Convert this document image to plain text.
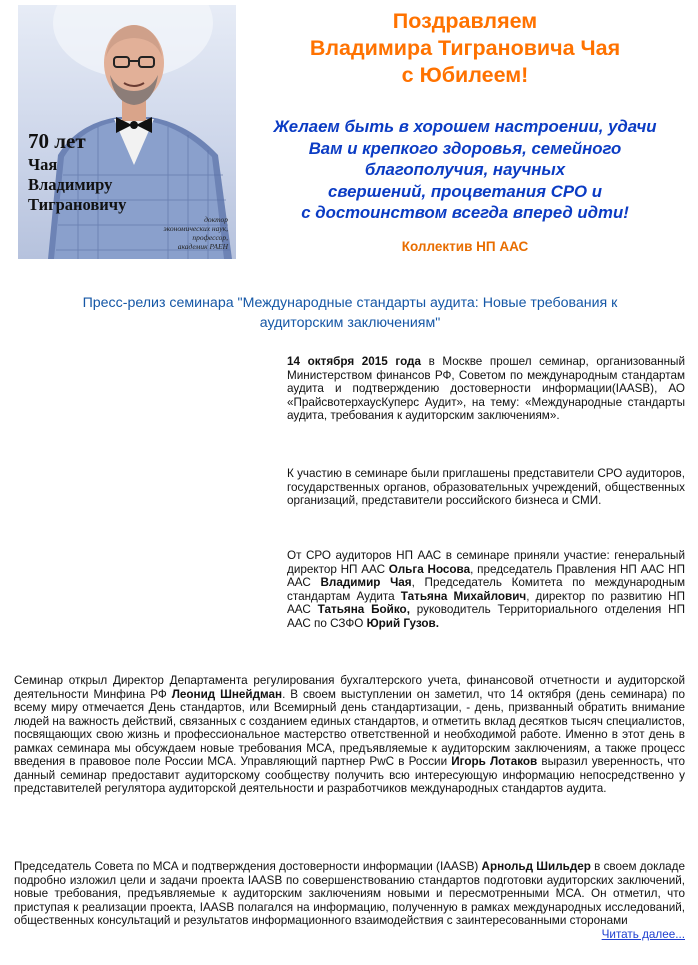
70 лет
Чая
Владимиру
Тиграновичу
доктор
экономических наук,
профессор,
академик РАЕН
Поздравляем
Владимира Тиграновича Чая
с Юбилеем!
Желаем быть в хорошем настроении, удачи
Вам и крепкого здоровья, семейного
благополучия, научных
свершений, процветания СРО и
с достоинством всегда вперед идти!
Коллектив НП ААС
Пресс-релиз семинара "Международные стандарты аудита: Новые требования к
аудиторским заключениям"
14 октября 2015 года в Москве прошел семинар, организованный Министерством финансов РФ, Советом по международным стандартам аудита и подтверждению достоверности информации(IAASB), АО «ПрайсвотерхаусКуперс Аудит», на тему: «Международные стандарты аудита, требования к аудиторским заключениям».
К участию в семинаре были приглашены представители СРО аудиторов, государственных органов, образовательных учреждений, общественных организаций, представители российского бизнеса и СМИ.
От СРО аудиторов НП ААС в семинаре приняли участие: генеральный директор НП ААС Ольга Носова, председатель Правления НП ААС НП ААС Владимир Чая, Председатель Комитета по международным стандартам Аудита Татьяна Михайлович, директор по развитию НП ААС Татьяна Бойко, руководитель Территориального отделения НП ААС по СЗФО Юрий Гузов.
Семинар открыл Директор Департамента регулирования бухгалтерского учета, финансовой отчетности и аудиторской деятельности Минфина РФ Леонид Шнейдман. В своем выступлении он заметил, что 14 октября (день семинара) по всему миру отмечается День стандартов, или Всемирный день стандартизации, - день, призванный обратить внимание людей на важность действий, связанных с созданием единых стандартов, и отметить вклад десятков тысяч специалистов, посвящающих свою жизнь и профессиональное мастерство ответственной и необходимой работе. Именно в этот день в рамках семинара мы обсуждаем новые требования МСА, предъявляемые к аудиторским заключениям, а также процесс введения в правовое поле России МСА. Управляющий партнер PwC в России Игорь Лотаков выразил уверенность, что данный семинар предоставит аудиторскому сообществу получить всю интересующую информацию непосредственно у представителей регулятора аудиторской деятельности и разработчиков международных стандартов аудита.
Председатель Совета по МСА и подтверждения достоверности информации (IAASB) Арнольд Шильдер в своем докладе подробно изложил цели и задачи проекта IAASB по совершенствованию стандартов подготовки аудиторских заключений, новые требования, предъявляемые к аудиторским заключениям новыми и пересмотренными МСА. Он отметил, что приступая к реализации проекта, IAASB полагался на информацию, полученную в рамках международных исследований, общественных консультаций и результатов информационного взаимодействия с заинтересованными сторонами
Читать далее...
